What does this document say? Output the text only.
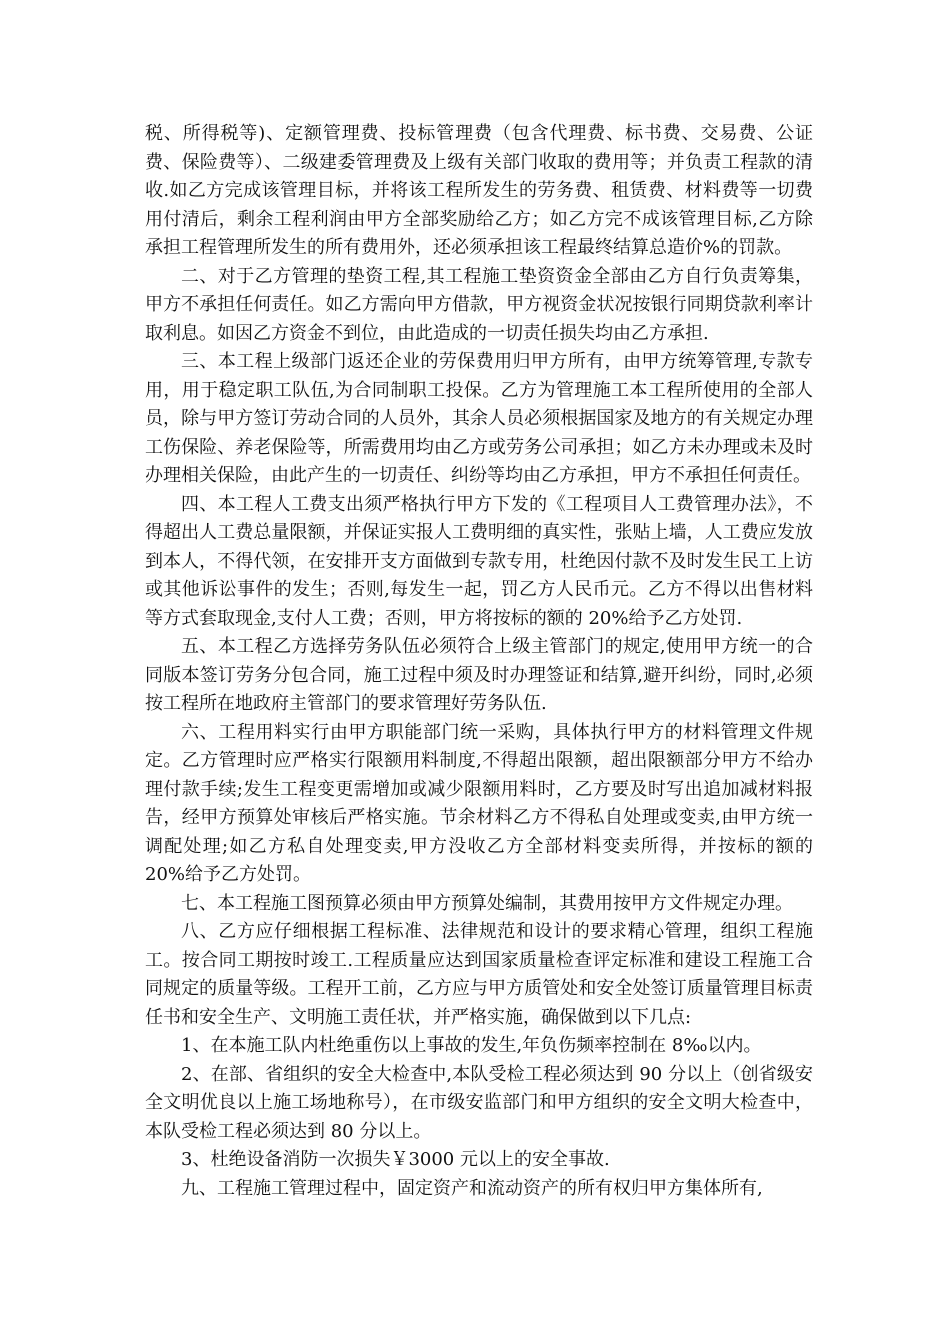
税、所得税等)、定额管理费、投标管理费（包含代理费、标书费、交易费、公证费、保险费等）、二级建委管理费及上级有关部门收取的费用等；并负责工程款的清收.如乙方完成该管理目标，并将该工程所发生的劳务费、租赁费、材料费等一切费用付清后，剩余工程利润由甲方全部奖励给乙方；如乙方完不成该管理目标,乙方除承担工程管理所发生的所有费用外，还必须承担该工程最终结算总造价%的罚款。

二、对于乙方管理的垫资工程,其工程施工垫资资金全部由乙方自行负责筹集，甲方不承担任何责任。如乙方需向甲方借款，甲方视资金状况按银行同期贷款利率计取利息。如因乙方资金不到位，由此造成的一切责任损失均由乙方承担.

三、本工程上级部门返还企业的劳保费用归甲方所有，由甲方统筹管理,专款专用，用于稳定职工队伍,为合同制职工投保。乙方为管理施工本工程所使用的全部人员，除与甲方签订劳动合同的人员外，其余人员必须根据国家及地方的有关规定办理工伤保险、养老保险等，所需费用均由乙方或劳务公司承担；如乙方未办理或未及时办理相关保险，由此产生的一切责任、纠纷等均由乙方承担，甲方不承担任何责任。

四、本工程人工费支出须严格执行甲方下发的《工程项目人工费管理办法》，不得超出人工费总量限额，并保证实报人工费明细的真实性，张贴上墙，人工费应发放到本人，不得代领，在安排开支方面做到专款专用，杜绝因付款不及时发生民工上访或其他诉讼事件的发生；否则,每发生一起，罚乙方人民币元。乙方不得以出售材料等方式套取现金,支付人工费；否则，甲方将按标的额的 20%给予乙方处罚.

五、本工程乙方选择劳务队伍必须符合上级主管部门的规定,使用甲方统一的合同版本签订劳务分包合同，施工过程中须及时办理签证和结算,避开纠纷，同时,必须按工程所在地政府主管部门的要求管理好劳务队伍.

六、工程用料实行由甲方职能部门统一采购，具体执行甲方的材料管理文件规定。乙方管理时应严格实行限额用料制度,不得超出限额，超出限额部分甲方不给办理付款手续;发生工程变更需增加或减少限额用料时，乙方要及时写出追加减材料报告，经甲方预算处审核后严格实施。节余材料乙方不得私自处理或变卖,由甲方统一调配处理;如乙方私自处理变卖,甲方没收乙方全部材料变卖所得，并按标的额的 20%给予乙方处罚。

七、本工程施工图预算必须由甲方预算处编制，其费用按甲方文件规定办理。

八、乙方应仔细根据工程标准、法律规范和设计的要求精心管理，组织工程施工。按合同工期按时竣工.工程质量应达到国家质量检查评定标准和建设工程施工合同规定的质量等级。工程开工前，乙方应与甲方质管处和安全处签订质量管理目标责任书和安全生产、文明施工责任状，并严格实施，确保做到以下几点:

1、在本施工队内杜绝重伤以上事故的发生,年负伤频率控制在 8‰以内。

2、在部、省组织的安全大检查中,本队受检工程必须达到 90 分以上（创省级安全文明优良以上施工场地称号），在市级安监部门和甲方组织的安全文明大检查中，本队受检工程必须达到 80 分以上。

3、杜绝设备消防一次损失￥3000 元以上的安全事故.

九、工程施工管理过程中，固定资产和流动资产的所有权归甲方集体所有,
